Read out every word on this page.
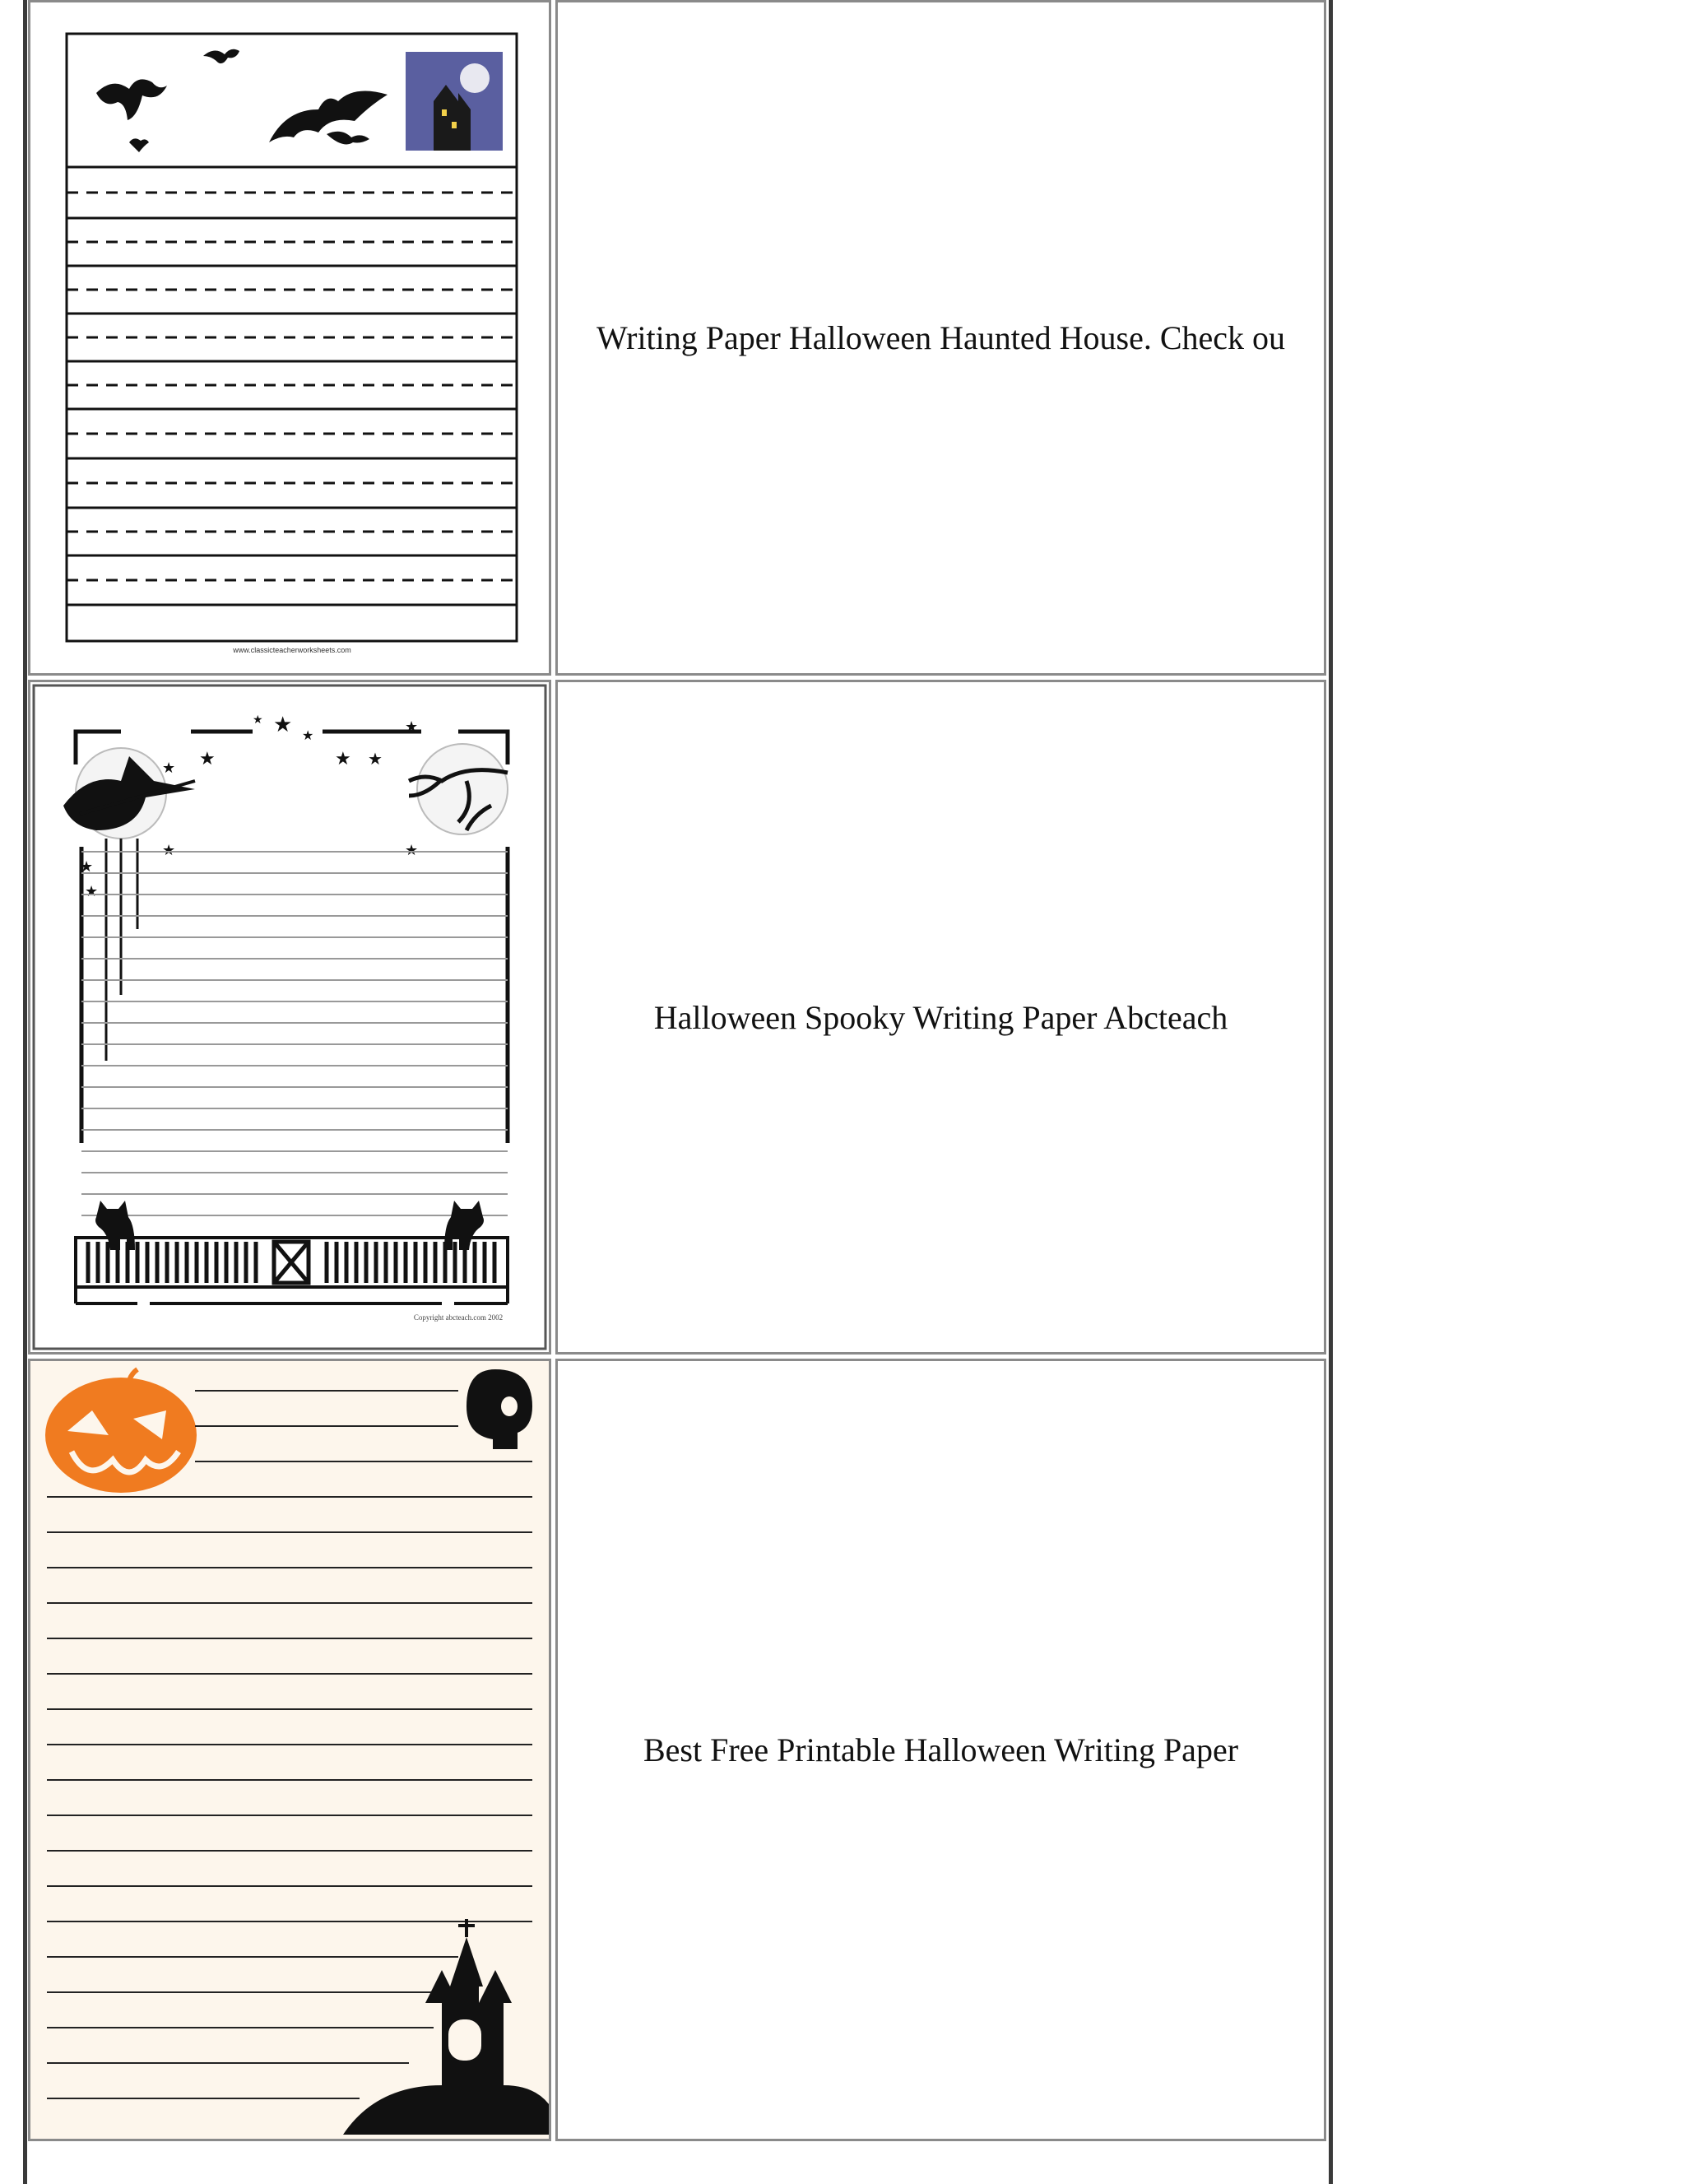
www.classicteacherworksheets.com
Writing Paper Halloween Haunted House. Check ou
★
★
★
★
★	★ ★
★
★	★
★
★
Copyright abcteach.com 2002
Halloween Spooky Writing Paper Abcteach
Best Free Printable Halloween Writing Paper
